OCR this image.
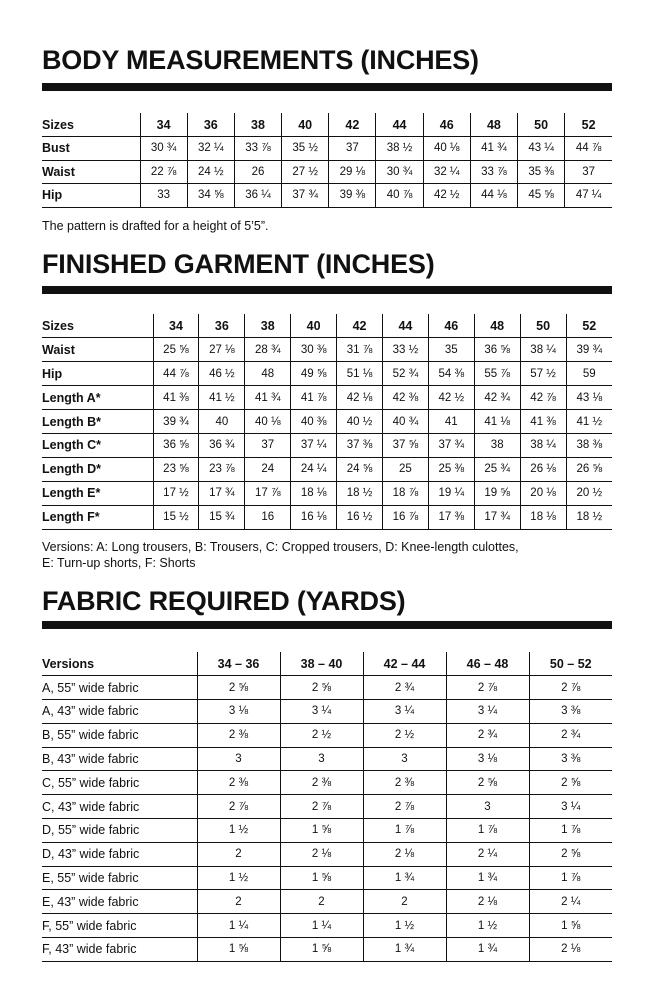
BODY MEASUREMENTS (INCHES)
Sizes	34	36	38	40	42	44	46	48	50	52
Bust	30 ¾	32 ¼	33 ⅞	35 ½	37	38 ½	40 ⅛	41 ¾	43 ¼	44 ⅞
Waist	22 ⅞	24 ½	26	27 ½	29 ⅛	30 ¾	32 ¼	33 ⅞	35 ⅜	37
Hip	33	34 ⅝	36 ¼	37 ¾	39 ⅜	40 ⅞	42 ½	44 ⅛	45 ⅝	47 ¼

The pattern is drafted for a height of 5’5”.

FINISHED GARMENT (INCHES)
Sizes	34	36	38	40	42	44	46	48	50	52
Waist	25 ⅝	27 ⅛	28 ¾	30 ⅜	31 ⅞	33 ½	35	36 ⅝	38 ¼	39 ¾
Hip	44 ⅞	46 ½	48	49 ⅝	51 ⅛	52 ¾	54 ⅜	55 ⅞	57 ½	59
Length A*	41 ⅜	41 ½	41 ¾	41 ⅞	42 ⅛	42 ⅜	42 ½	42 ¾	42 ⅞	43 ⅛
Length B*	39 ¾	40	40 ⅛	40 ⅜	40 ½	40 ¾	41	41 ⅛	41 ⅜	41 ½
Length C*	36 ⅝	36 ¾	37	37 ¼	37 ⅜	37 ⅝	37 ¾	38	38 ¼	38 ⅜
Length D*	23 ⅝	23 ⅞	24	24 ¼	24 ⅝	25	25 ⅜	25 ¾	26 ⅛	26 ⅝
Length E*	17 ½	17 ¾	17 ⅞	18 ⅛	18 ½	18 ⅞	19 ¼	19 ⅝	20 ⅛	20 ½
Length F*	15 ½	15 ¾	16	16 ⅛	16 ½	16 ⅞	17 ⅜	17 ¾	18 ⅛	18 ½

Versions: A: Long trousers, B: Trousers, C: Cropped trousers, D: Knee-length culottes,

E: Turn-up shorts, F: Shorts

FABRIC REQUIRED (YARDS)
Versions	34 – 36	38 – 40	42 – 44	46 – 48	50 – 52
A, 55” wide fabric	2 ⅝	2 ⅝	2 ¾	2 ⅞	2 ⅞
A, 43” wide fabric	3 ⅛	3 ¼	3 ¼	3 ¼	3 ⅜
B, 55” wide fabric	2 ⅜	2 ½	2 ½	2 ¾	2 ¾
B, 43” wide fabric	3	3	3	3 ⅛	3 ⅜
C, 55” wide fabric	2 ⅜	2 ⅜	2 ⅜	2 ⅝	2 ⅝
C, 43” wide fabric	2 ⅞	2 ⅞	2 ⅞	3	3 ¼
D, 55” wide fabric	1 ½	1 ⅝	1 ⅞	1 ⅞	1 ⅞
D, 43” wide fabric	2	2 ⅛	2 ⅛	2 ¼	2 ⅝
E, 55” wide fabric	1 ½	1 ⅝	1 ¾	1 ¾	1 ⅞
E, 43” wide fabric	2	2	2	2 ⅛	2 ¼
F, 55” wide fabric	1 ¼	1 ¼	1 ½	1 ½	1 ⅝
F, 43” wide fabric	1 ⅝	1 ⅝	1 ¾	1 ¾	2 ⅛
